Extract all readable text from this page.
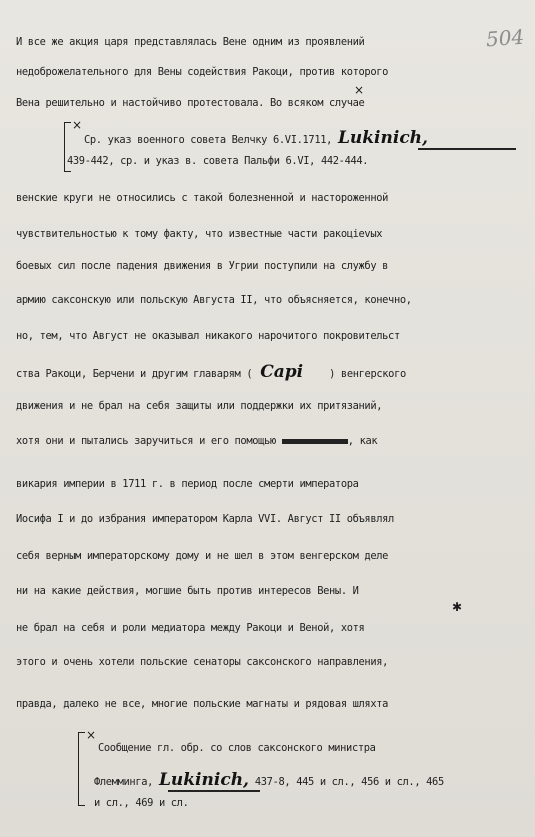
504
И все же акция царя представлялась Вене одним из проявлений
недоброжелательного для Вены содействия Ракоци, против которого
Вена решительно и настойчиво протестовала. Во всяком случае
×
×
Ср. указ военного совета Велчку 6.VI.1711, Lukinich,
439-442, ср. и указ в. совета Пальфи 6.VI, 442-444.
венские круги не относились с такой болезненной и настороженной
чувствительностью к тому факту, что известные части ракоцievых
боевых сил после падения движения в Угрии поступили на службу в
армию саксонскую или польскую Августа II, что объясняется, конечно,
но, тем, что Август не оказывал никакого нарочитого покровительст
ства Ракоци, Берчени и другим главарям ( Capi	) венгерского
движения и не брал на себя защиты или поддержки их притязаний,
хотя они и пытались заручиться и его помощью	, как
викария империи в 1711 г. в период после смерти императора
Иосифа I и до избрания императором Карла VVI. Август II объявлял
себя верным императорскому дому и не шел в этом венгерском деле
ни на какие действия, могшие быть против интересов Вены. И
✱
не брал на себя и роли медиатора между Ракоци и Веной, хотя
этого и очень хотели польские сенаторы саксонского направления,
правда, далеко не все, многие польские магнаты и рядовая шляхта
×
Сообщение гл. обр. со слов саксонского министра
Флемминга, Lukinich, 437-8, 445 и сл., 456 и сл., 465
и сл., 469 и сл.
